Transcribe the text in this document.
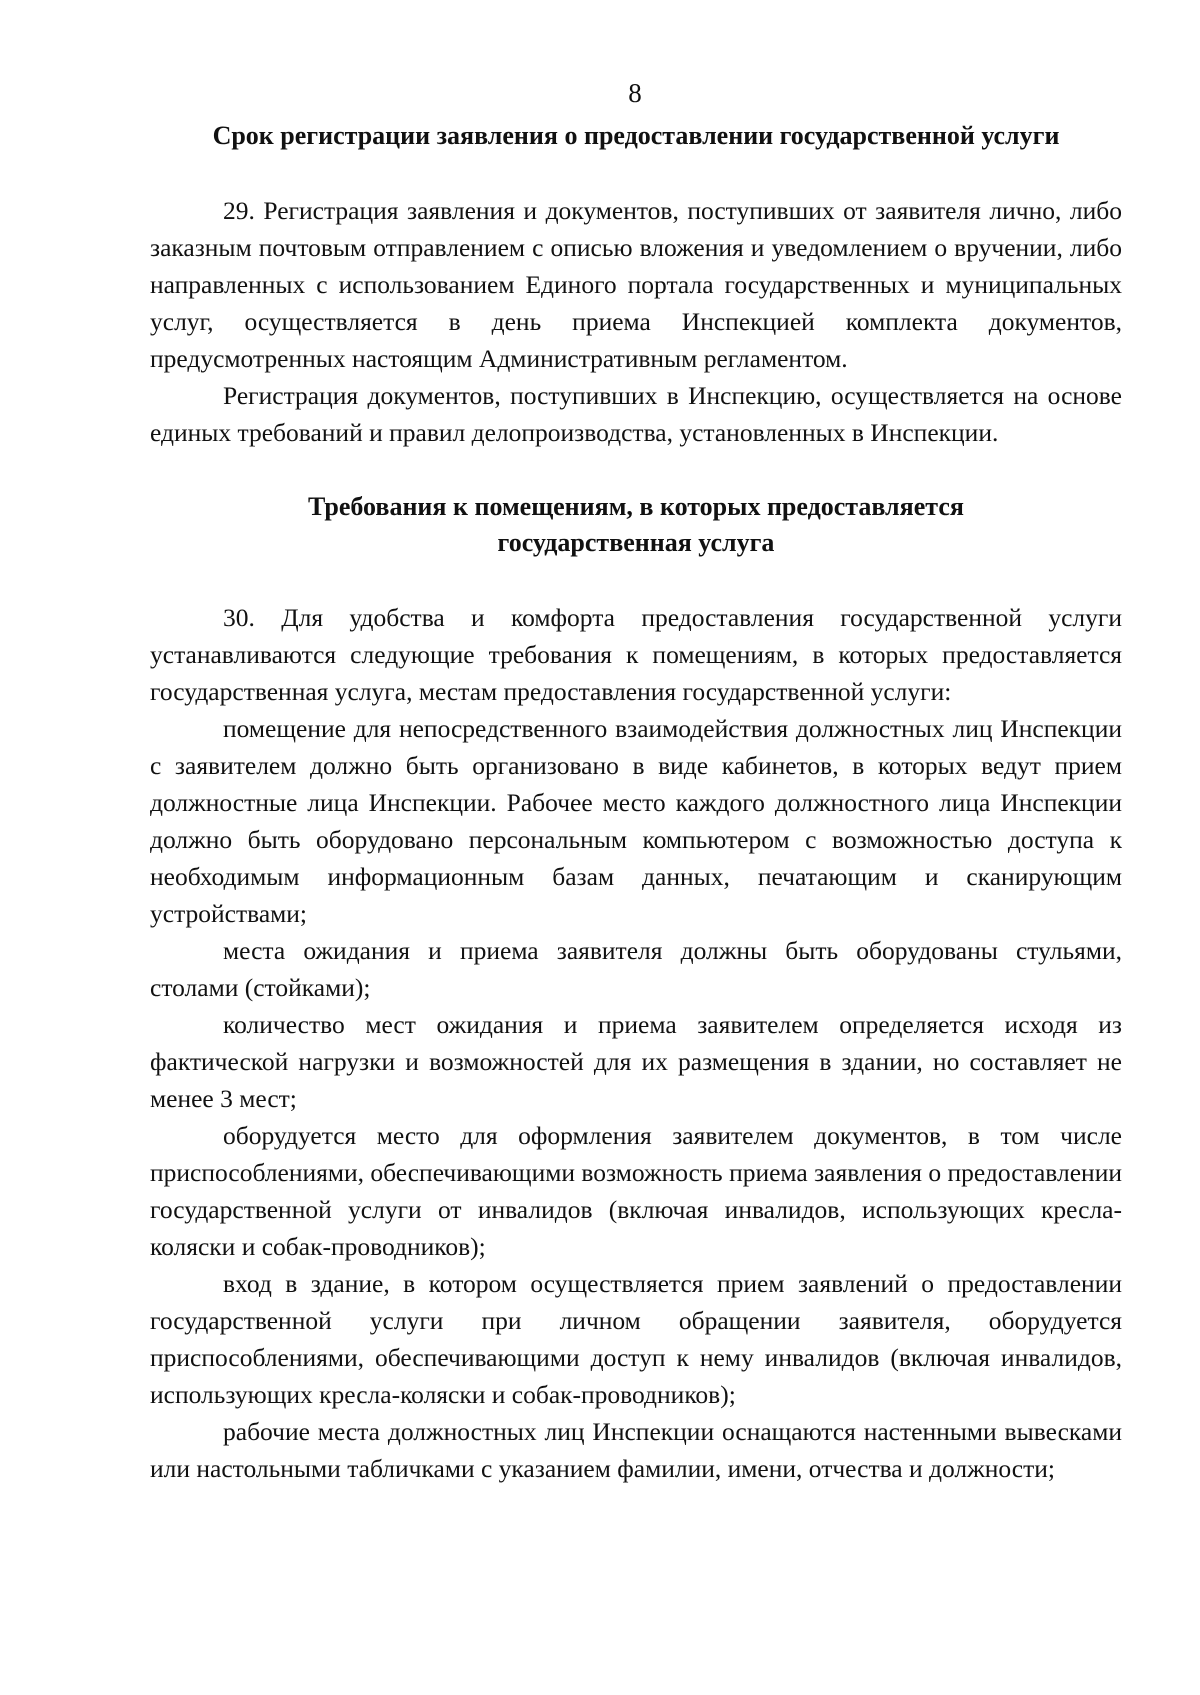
8
Срок регистрации заявления о предоставлении государственной услуги

29. Регистрация заявления и документов, поступивших от заявителя лично, либо заказным почтовым отправлением с описью вложения и уведомлением о вручении, либо направленных с использованием Единого портала государственных и муниципальных услуг, осуществляется в день приема Инспекцией комплекта документов, предусмотренных настоящим Административным регламентом.

Регистрация документов, поступивших в Инспекцию, осуществляется на основе единых требований и правил делопроизводства, установленных в Инспекции.

Требования к помещениям, в которых предоставляется
государственная услуга

30. Для удобства и комфорта предоставления государственной услуги устанавливаются следующие требования к помещениям, в которых предоставляется государственная услуга, местам предоставления государственной услуги:

помещение для непосредственного взаимодействия должностных лиц Инспекции с заявителем должно быть организовано в виде кабинетов, в которых ведут прием должностные лица Инспекции. Рабочее место каждого должностного лица Инспекции должно быть оборудовано персональным компьютером с возможностью доступа к необходимым информационным базам данных, печатающим и сканирующим устройствами;

места ожидания и приема заявителя должны быть оборудованы стульями, столами (стойками);

количество мест ожидания и приема заявителем определяется исходя из фактической нагрузки и возможностей для их размещения в здании, но составляет не менее 3 мест;

оборудуется место для оформления заявителем документов, в том числе приспособлениями, обеспечивающими возможность приема заявления о предоставлении государственной услуги от инвалидов (включая инвалидов, использующих кресла-коляски и собак-проводников);

вход в здание, в котором осуществляется прием заявлений о предоставлении государственной услуги при личном обращении заявителя, оборудуется приспособлениями, обеспечивающими доступ к нему инвалидов (включая инвалидов, использующих кресла-коляски и собак-проводников);

рабочие места должностных лиц Инспекции оснащаются настенными вывесками или настольными табличками с указанием фамилии, имени, отчества и должности;
